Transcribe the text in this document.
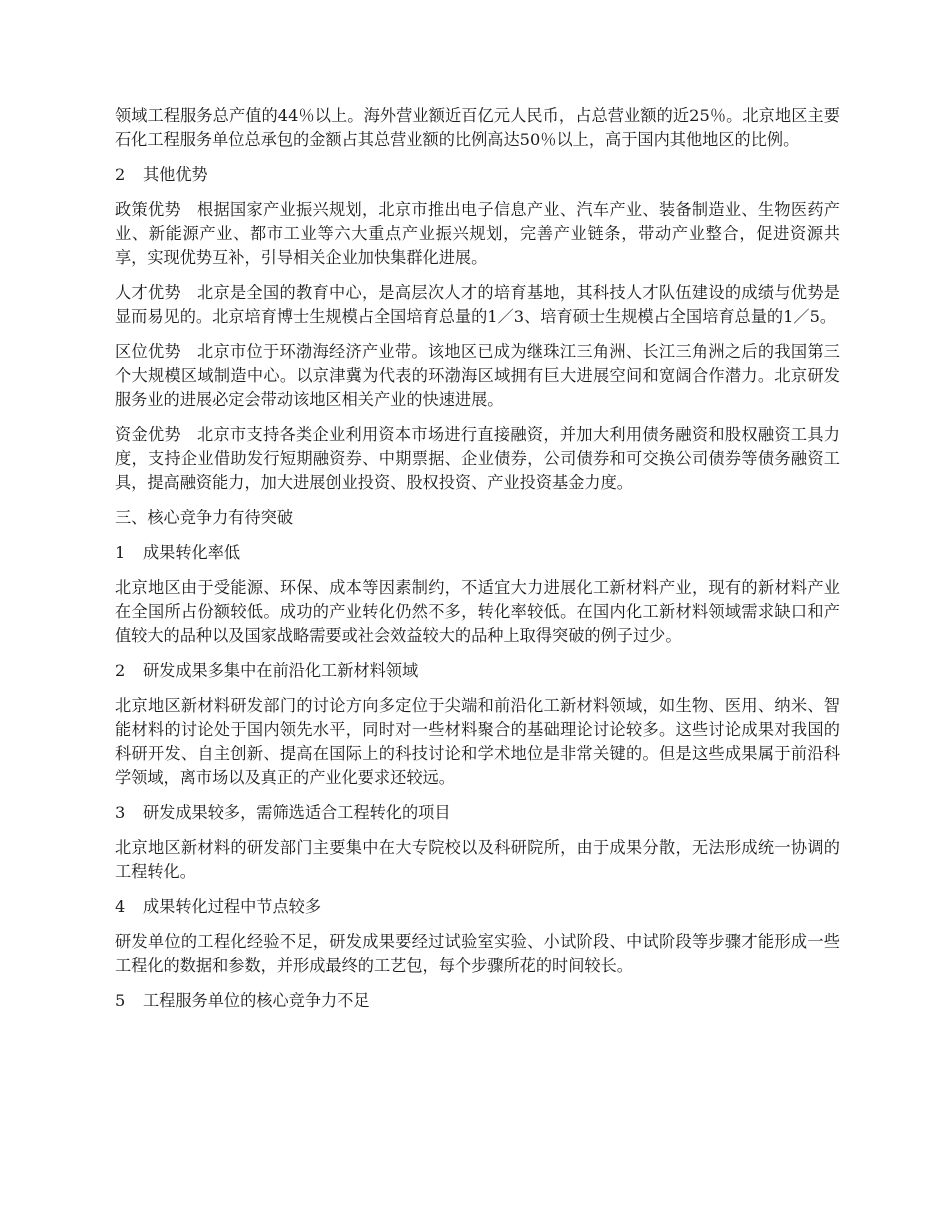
领域工程服务总产值的44％以上。海外营业额近百亿元人民币，占总营业额的近25％。北京地区主要石化工程服务单位总承包的金额占其总营业额的比例高达50％以上，高于国内其他地区的比例。

2 其他优势

政策优势 根据国家产业振兴规划，北京市推出电子信息产业、汽车产业、装备制造业、生物医药产业、新能源产业、都市工业等六大重点产业振兴规划，完善产业链条，带动产业整合，促进资源共享，实现优势互补，引导相关企业加快集群化进展。

人才优势 北京是全国的教育中心，是高层次人才的培育基地，其科技人才队伍建设的成绩与优势是显而易见的。北京培育博士生规模占全国培育总量的1／3、培育硕士生规模占全国培育总量的1／5。

区位优势 北京市位于环渤海经济产业带。该地区已成为继珠江三角洲、长江三角洲之后的我国第三个大规模区域制造中心。以京津冀为代表的环渤海区域拥有巨大进展空间和宽阔合作潜力。北京研发服务业的进展必定会带动该地区相关产业的快速进展。

资金优势 北京市支持各类企业利用资本市场进行直接融资，并加大利用债务融资和股权融资工具力度，支持企业借助发行短期融资券、中期票据、企业债券，公司债券和可交换公司债券等债务融资工具，提高融资能力，加大进展创业投资、股权投资、产业投资基金力度。

三、核心竞争力有待突破
1 成果转化率低

北京地区由于受能源、环保、成本等因素制约，不适宜大力进展化工新材料产业，现有的新材料产业在全国所占份额较低。成功的产业转化仍然不多，转化率较低。在国内化工新材料领域需求缺口和产值较大的品种以及国家战略需要或社会效益较大的品种上取得突破的例子过少。

2 研发成果多集中在前沿化工新材料领域

北京地区新材料研发部门的讨论方向多定位于尖端和前沿化工新材料领域，如生物、医用、纳米、智能材料的讨论处于国内领先水平，同时对一些材料聚合的基础理论讨论较多。这些讨论成果对我国的科研开发、自主创新、提高在国际上的科技讨论和学术地位是非常关键的。但是这些成果属于前沿科学领域，离市场以及真正的产业化要求还较远。

3 研发成果较多，需筛选适合工程转化的项目

北京地区新材料的研发部门主要集中在大专院校以及科研院所，由于成果分散，无法形成统一协调的工程转化。

4 成果转化过程中节点较多

研发单位的工程化经验不足，研发成果要经过试验室实验、小试阶段、中试阶段等步骤才能形成一些工程化的数据和参数，并形成最终的工艺包，每个步骤所花的时间较长。

5 工程服务单位的核心竞争力不足
